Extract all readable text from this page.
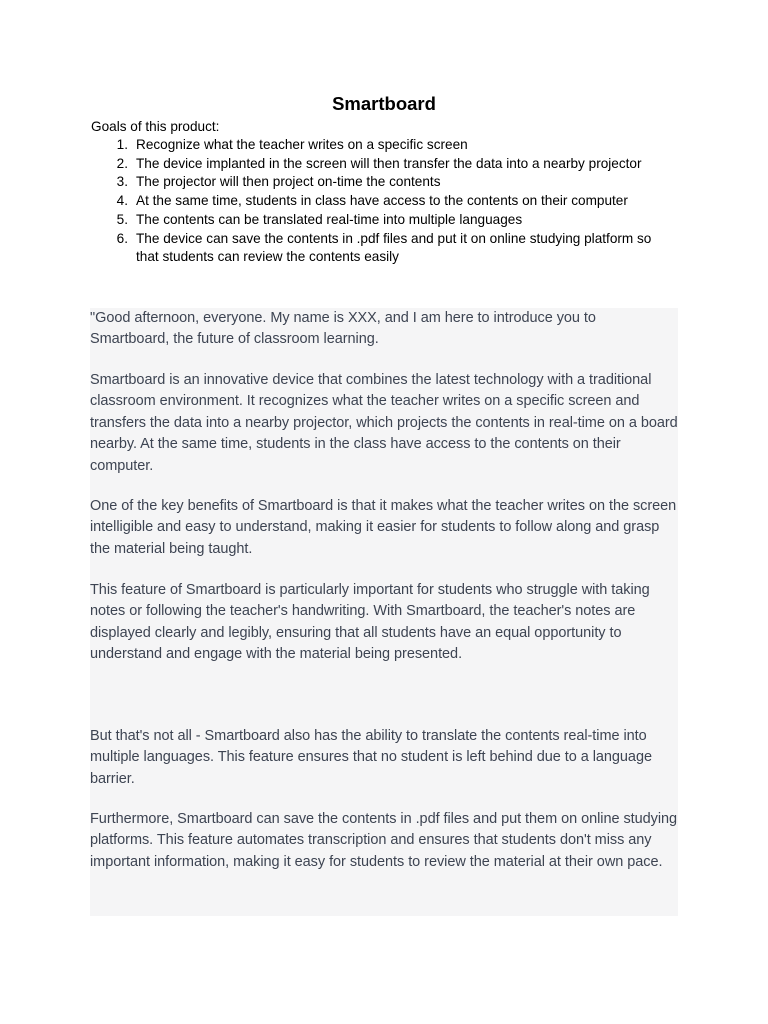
Smartboard

Goals of this product:

1. Recognize what the teacher writes on a specific screen
2. The device implanted in the screen will then transfer the data into a nearby projector
3. The projector will then project on-time the contents
4. At the same time, students in class have access to the contents on their computer
5. The contents can be translated real-time into multiple languages
6. The device can save the contents in .pdf files and put it on online studying platform so that students can review the contents easily

"Good afternoon, everyone. My name is XXX, and I am here to introduce you to Smartboard, the future of classroom learning.

Smartboard is an innovative device that combines the latest technology with a traditional classroom environment. It recognizes what the teacher writes on a specific screen and transfers the data into a nearby projector, which projects the contents in real-time on a board nearby. At the same time, students in the class have access to the contents on their computer.

One of the key benefits of Smartboard is that it makes what the teacher writes on the screen intelligible and easy to understand, making it easier for students to follow along and grasp the material being taught.

This feature of Smartboard is particularly important for students who struggle with taking notes or following the teacher's handwriting. With Smartboard, the teacher's notes are displayed clearly and legibly, ensuring that all students have an equal opportunity to understand and engage with the material being presented.

But that's not all - Smartboard also has the ability to translate the contents real-time into multiple languages. This feature ensures that no student is left behind due to a language barrier.

Furthermore, Smartboard can save the contents in .pdf files and put them on online studying platforms. This feature automates transcription and ensures that students don't miss any important information, making it easy for students to review the material at their own pace.
